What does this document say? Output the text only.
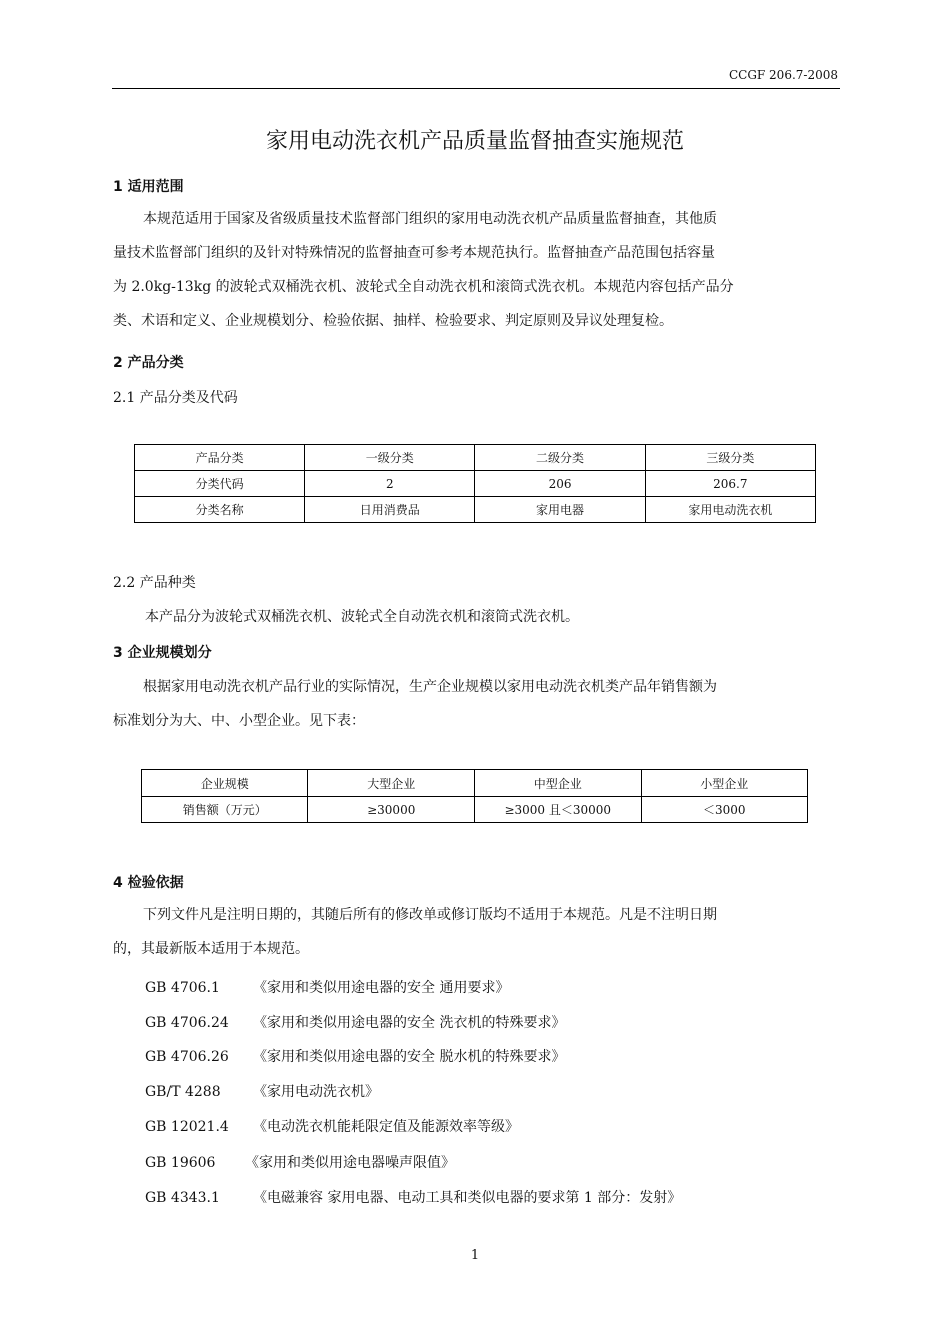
CCGF 206.7-2008
家用电动洗衣机产品质量监督抽查实施规范
1 适用范围
本规范适用于国家及省级质量技术监督部门组织的家用电动洗衣机产品质量监督抽查，其他质
量技术监督部门组织的及针对特殊情况的监督抽查可参考本规范执行。监督抽查产品范围包括容量
为 2.0kg-13kg 的波轮式双桶洗衣机、波轮式全自动洗衣机和滚筒式洗衣机。本规范内容包括产品分
类、术语和定义、企业规模划分、检验依据、抽样、检验要求、判定原则及异议处理复检。
2 产品分类
2.1 产品分类及代码
产品分类	一级分类	二级分类	三级分类
分类代码	2	206	206.7
分类名称	日用消费品	家用电器	家用电动洗衣机
2.2 产品种类
本产品分为波轮式双桶洗衣机、波轮式全自动洗衣机和滚筒式洗衣机。
3 企业规模划分
根据家用电动洗衣机产品行业的实际情况，生产企业规模以家用电动洗衣机类产品年销售额为
标准划分为大、中、小型企业。见下表：
企业规模	大型企业	中型企业	小型企业
销售额（万元）	≥30000	≥3000 且＜30000	＜3000
4 检验依据
下列文件凡是注明日期的，其随后所有的修改单或修订版均不适用于本规范。凡是不注明日期
的，其最新版本适用于本规范。
GB 4706.1 《家用和类似用途电器的安全 通用要求》
GB 4706.24 《家用和类似用途电器的安全 洗衣机的特殊要求》
GB 4706.26 《家用和类似用途电器的安全 脱水机的特殊要求》
GB/T 4288 《家用电动洗衣机》
GB 12021.4 《电动洗衣机能耗限定值及能源效率等级》
GB 19606 《家用和类似用途电器噪声限值》
GB 4343.1 《电磁兼容 家用电器、电动工具和类似电器的要求第 1 部分：发射》
1
